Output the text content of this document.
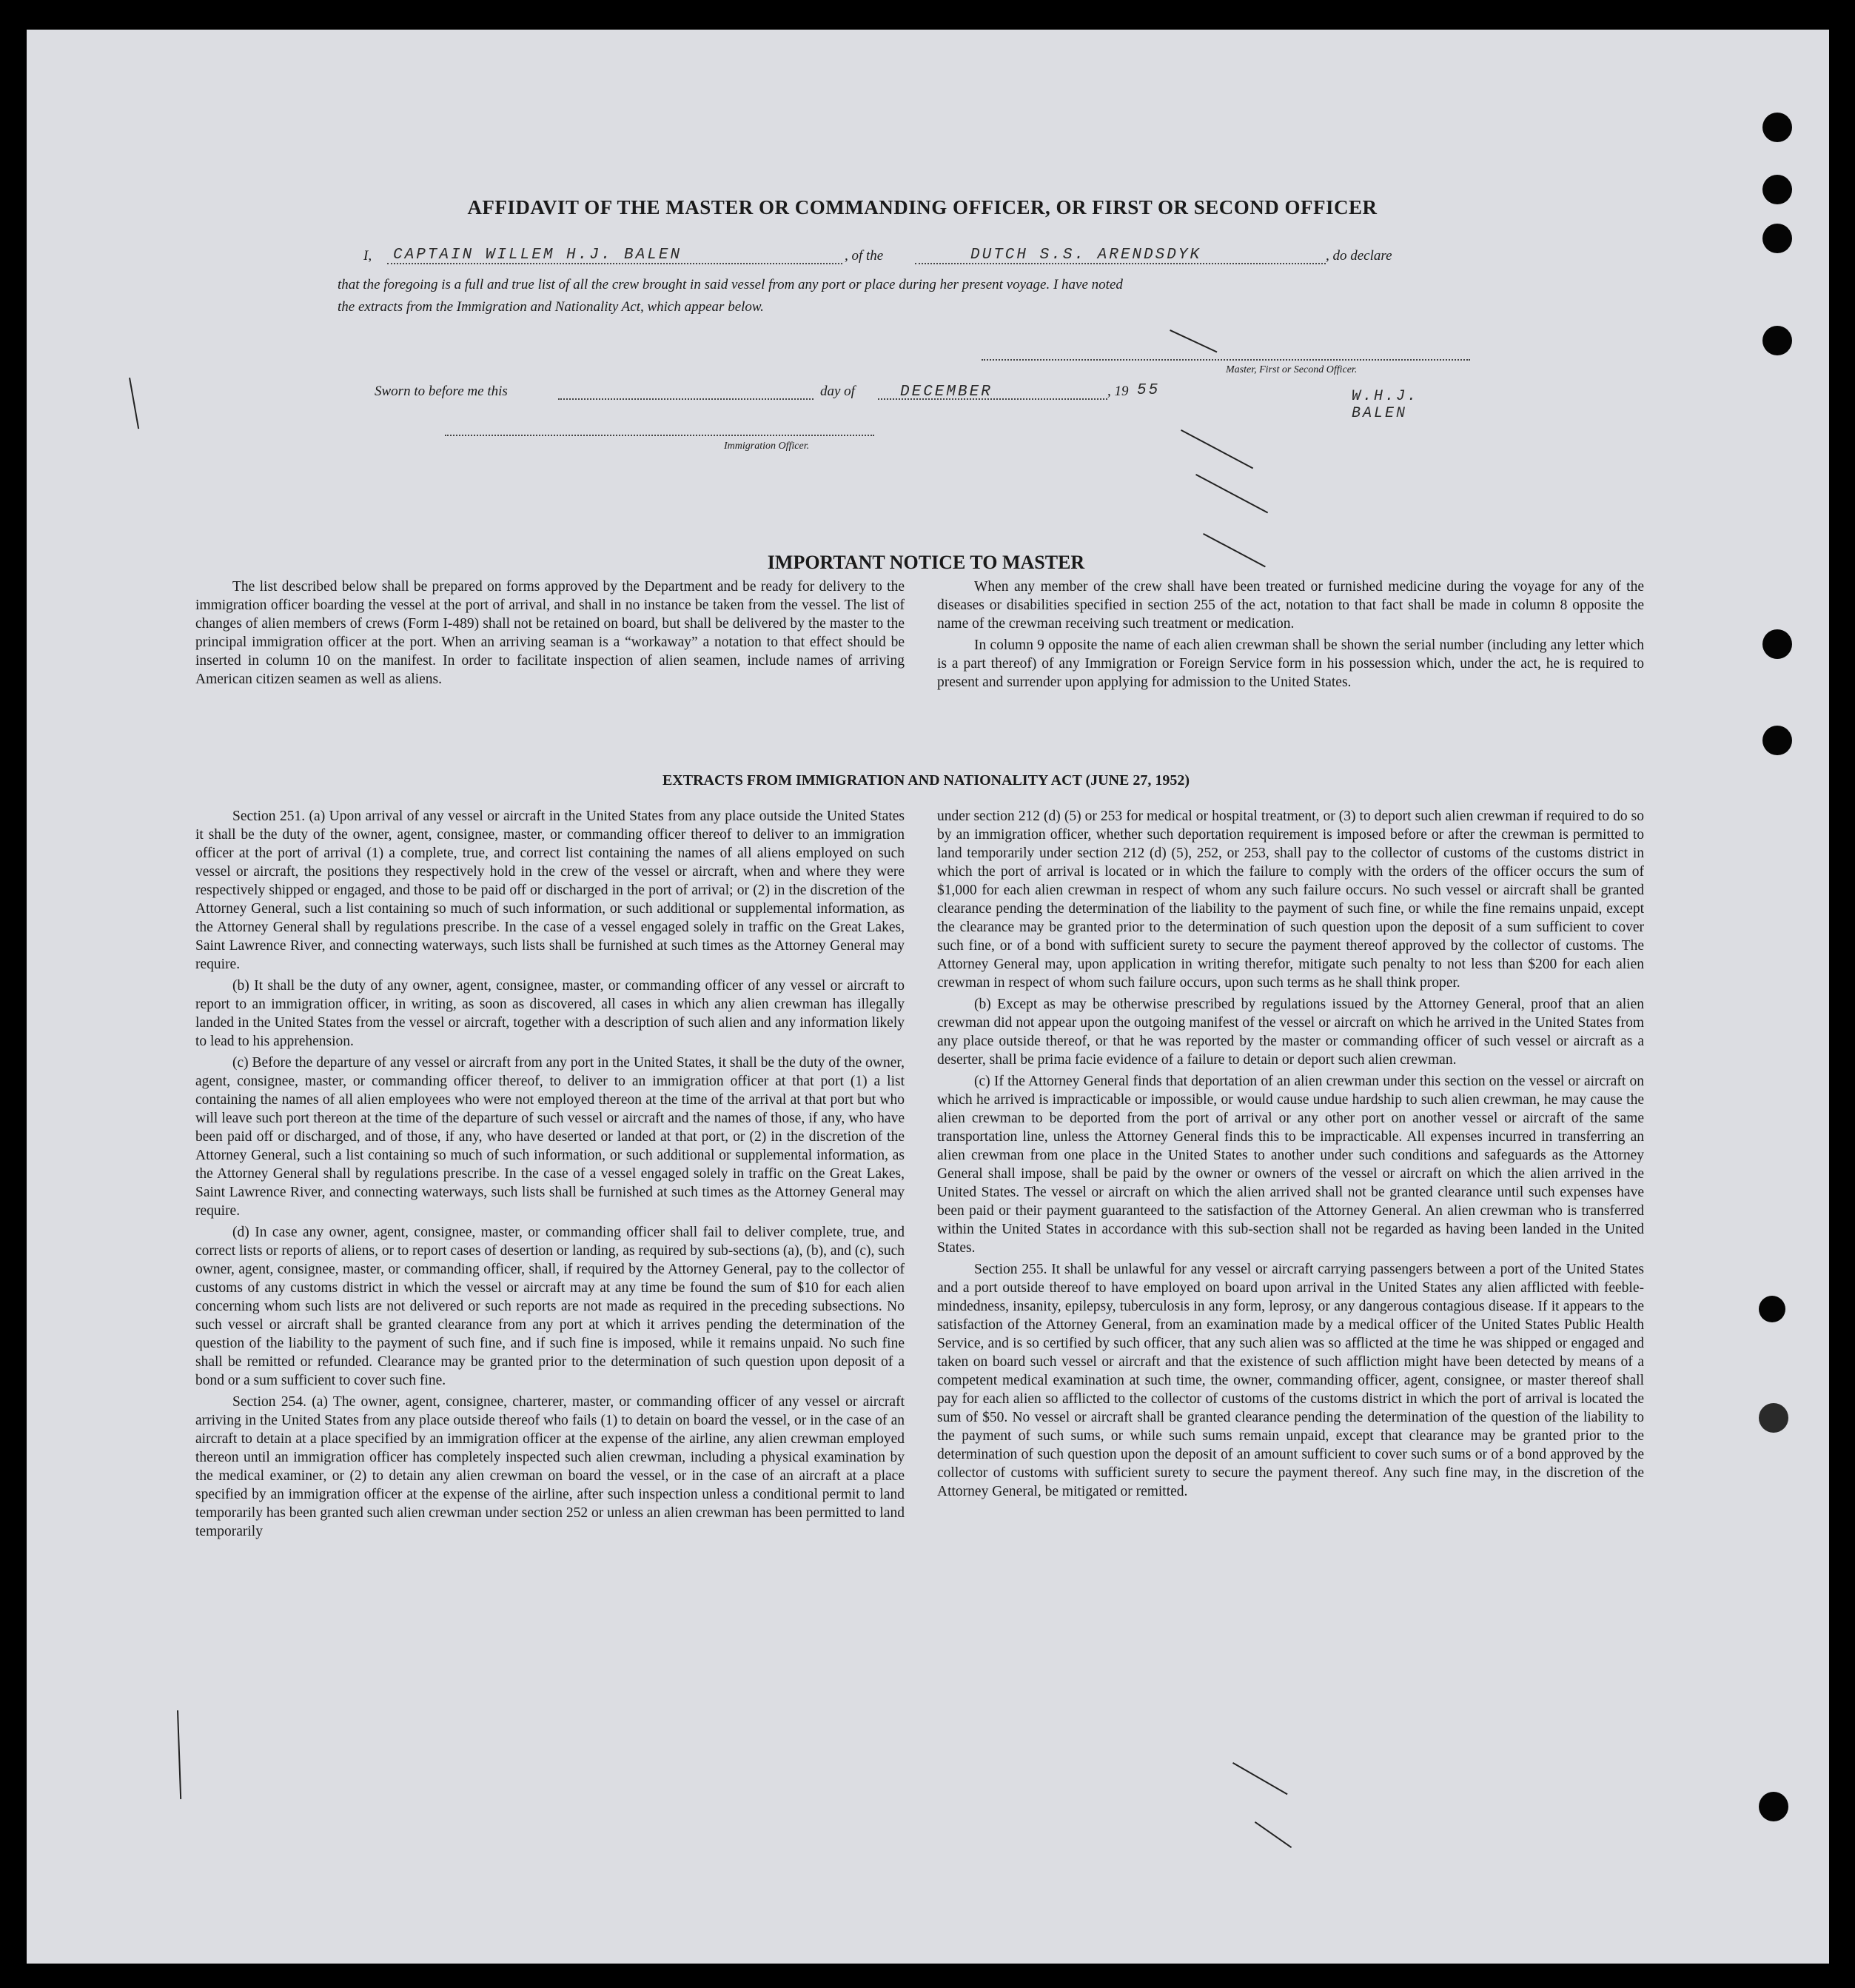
AFFIDAVIT OF THE MASTER OR COMMANDING OFFICER, OR FIRST OR SECOND OFFICER
I, CAPTAIN WILLEM H.J. BALEN	, of the	DUTCH S.S. ARENDSDYK	, do declare
that the foregoing is a full and true list of all the crew brought in said vessel from any port or place during her present voyage. I have noted
the extracts from the Immigration and Nationality Act, which appear below.
Master, First or Second Officer.
Sworn to before me this	day of	DECEMBER	, 19 55	W.H.J. BALEN
Immigration Officer.
IMPORTANT NOTICE TO MASTER

The list described below shall be prepared on forms approved by the Department and be ready for delivery to the immigration officer boarding the vessel at the port of arrival, and shall in no instance be taken from the vessel. The list of changes of alien members of crews (Form I-489) shall not be retained on board, but shall be delivered by the master to the principal immigration officer at the port. When an arriving seaman is a “workaway” a notation to that effect should be inserted in column 10 on the manifest. In order to facilitate inspection of alien seamen, include names of arriving American citizen seamen as well as aliens.

When any member of the crew shall have been treated or furnished medicine during the voyage for any of the diseases or disabilities specified in section 255 of the act, notation to that fact shall be made in column 8 opposite the name of the crewman receiving such treatment or medication.

In column 9 opposite the name of each alien crewman shall be shown the serial number (including any letter which is a part thereof) of any Immigration or Foreign Service form in his possession which, under the act, he is required to present and surrender upon applying for admission to the United States.

EXTRACTS FROM IMMIGRATION AND NATIONALITY ACT (JUNE 27, 1952)

Section 251. (a) Upon arrival of any vessel or aircraft in the United States from any place outside the United States it shall be the duty of the owner, agent, consignee, master, or commanding officer thereof to deliver to an immigration officer at the port of arrival (1) a complete, true, and correct list containing the names of all aliens employed on such vessel or aircraft, the positions they respectively hold in the crew of the vessel or aircraft, when and where they were respectively shipped or engaged, and those to be paid off or discharged in the port of arrival; or (2) in the discretion of the Attorney General, such a list containing so much of such information, or such additional or supplemental information, as the Attorney General shall by regulations prescribe. In the case of a vessel engaged solely in traffic on the Great Lakes, Saint Lawrence River, and connecting waterways, such lists shall be furnished at such times as the Attorney General may require.

(b) It shall be the duty of any owner, agent, consignee, master, or commanding officer of any vessel or aircraft to report to an immigration officer, in writing, as soon as discovered, all cases in which any alien crewman has illegally landed in the United States from the vessel or aircraft, together with a description of such alien and any information likely to lead to his apprehension.

(c) Before the departure of any vessel or aircraft from any port in the United States, it shall be the duty of the owner, agent, consignee, master, or commanding officer thereof, to deliver to an immigration officer at that port (1) a list containing the names of all alien employees who were not employed thereon at the time of the arrival at that port but who will leave such port thereon at the time of the departure of such vessel or aircraft and the names of those, if any, who have been paid off or discharged, and of those, if any, who have deserted or landed at that port, or (2) in the discretion of the Attorney General, such a list containing so much of such information, or such additional or supplemental information, as the Attorney General shall by regulations prescribe. In the case of a vessel engaged solely in traffic on the Great Lakes, Saint Lawrence River, and connecting waterways, such lists shall be furnished at such times as the Attorney General may require.

(d) In case any owner, agent, consignee, master, or commanding officer shall fail to deliver complete, true, and correct lists or reports of aliens, or to report cases of desertion or landing, as required by sub-sections (a), (b), and (c), such owner, agent, consignee, master, or commanding officer, shall, if required by the Attorney General, pay to the collector of customs of any customs district in which the vessel or aircraft may at any time be found the sum of $10 for each alien concerning whom such lists are not delivered or such reports are not made as required in the preceding subsections. No such vessel or aircraft shall be granted clearance from any port at which it arrives pending the determination of the question of the liability to the payment of such fine, and if such fine is imposed, while it remains unpaid. No such fine shall be remitted or refunded. Clearance may be granted prior to the determination of such question upon deposit of a bond or a sum sufficient to cover such fine.

Section 254. (a) The owner, agent, consignee, charterer, master, or commanding officer of any vessel or aircraft arriving in the United States from any place outside thereof who fails (1) to detain on board the vessel, or in the case of an aircraft to detain at a place specified by an immigration officer at the expense of the airline, any alien crewman employed thereon until an immigration officer has completely inspected such alien crewman, including a physical examination by the medical examiner, or (2) to detain any alien crewman on board the vessel, or in the case of an aircraft at a place specified by an immigration officer at the expense of the airline, after such inspection unless a conditional permit to land temporarily has been granted such alien crewman under section 252 or unless an alien crewman has been permitted to land temporarily

under section 212 (d) (5) or 253 for medical or hospital treatment, or (3) to deport such alien crewman if required to do so by an immigration officer, whether such deportation requirement is imposed before or after the crewman is permitted to land temporarily under section 212 (d) (5), 252, or 253, shall pay to the collector of customs of the customs district in which the port of arrival is located or in which the failure to comply with the orders of the officer occurs the sum of $1,000 for each alien crewman in respect of whom any such failure occurs. No such vessel or aircraft shall be granted clearance pending the determination of the liability to the payment of such fine, or while the fine remains unpaid, except the clearance may be granted prior to the determination of such question upon the deposit of a sum sufficient to cover such fine, or of a bond with sufficient surety to secure the payment thereof approved by the collector of customs. The Attorney General may, upon application in writing therefor, mitigate such penalty to not less than $200 for each alien crewman in respect of whom such failure occurs, upon such terms as he shall think proper.

(b) Except as may be otherwise prescribed by regulations issued by the Attorney General, proof that an alien crewman did not appear upon the outgoing manifest of the vessel or aircraft on which he arrived in the United States from any place outside thereof, or that he was reported by the master or commanding officer of such vessel or aircraft as a deserter, shall be prima facie evidence of a failure to detain or deport such alien crewman.

(c) If the Attorney General finds that deportation of an alien crewman under this section on the vessel or aircraft on which he arrived is impracticable or impossible, or would cause undue hardship to such alien crewman, he may cause the alien crewman to be deported from the port of arrival or any other port on another vessel or aircraft of the same transportation line, unless the Attorney General finds this to be impracticable. All expenses incurred in transferring an alien crewman from one place in the United States to another under such conditions and safeguards as the Attorney General shall impose, shall be paid by the owner or owners of the vessel or aircraft on which the alien arrived in the United States. The vessel or aircraft on which the alien arrived shall not be granted clearance until such expenses have been paid or their payment guaranteed to the satisfaction of the Attorney General. An alien crewman who is transferred within the United States in accordance with this sub-section shall not be regarded as having been landed in the United States.

Section 255. It shall be unlawful for any vessel or aircraft carrying passengers between a port of the United States and a port outside thereof to have employed on board upon arrival in the United States any alien afflicted with feeble-mindedness, insanity, epilepsy, tuberculosis in any form, leprosy, or any dangerous contagious disease. If it appears to the satisfaction of the Attorney General, from an examination made by a medical officer of the United States Public Health Service, and is so certified by such officer, that any such alien was so afflicted at the time he was shipped or engaged and taken on board such vessel or aircraft and that the existence of such affliction might have been detected by means of a competent medical examination at such time, the owner, commanding officer, agent, consignee, or master thereof shall pay for each alien so afflicted to the collector of customs of the customs district in which the port of arrival is located the sum of $50. No vessel or aircraft shall be granted clearance pending the determination of the question of the liability to the payment of such sums, or while such sums remain unpaid, except that clearance may be granted prior to the determination of such question upon the deposit of an amount sufficient to cover such sums or of a bond approved by the collector of customs with sufficient surety to secure the payment thereof. Any such fine may, in the discretion of the Attorney General, be mitigated or remitted.
